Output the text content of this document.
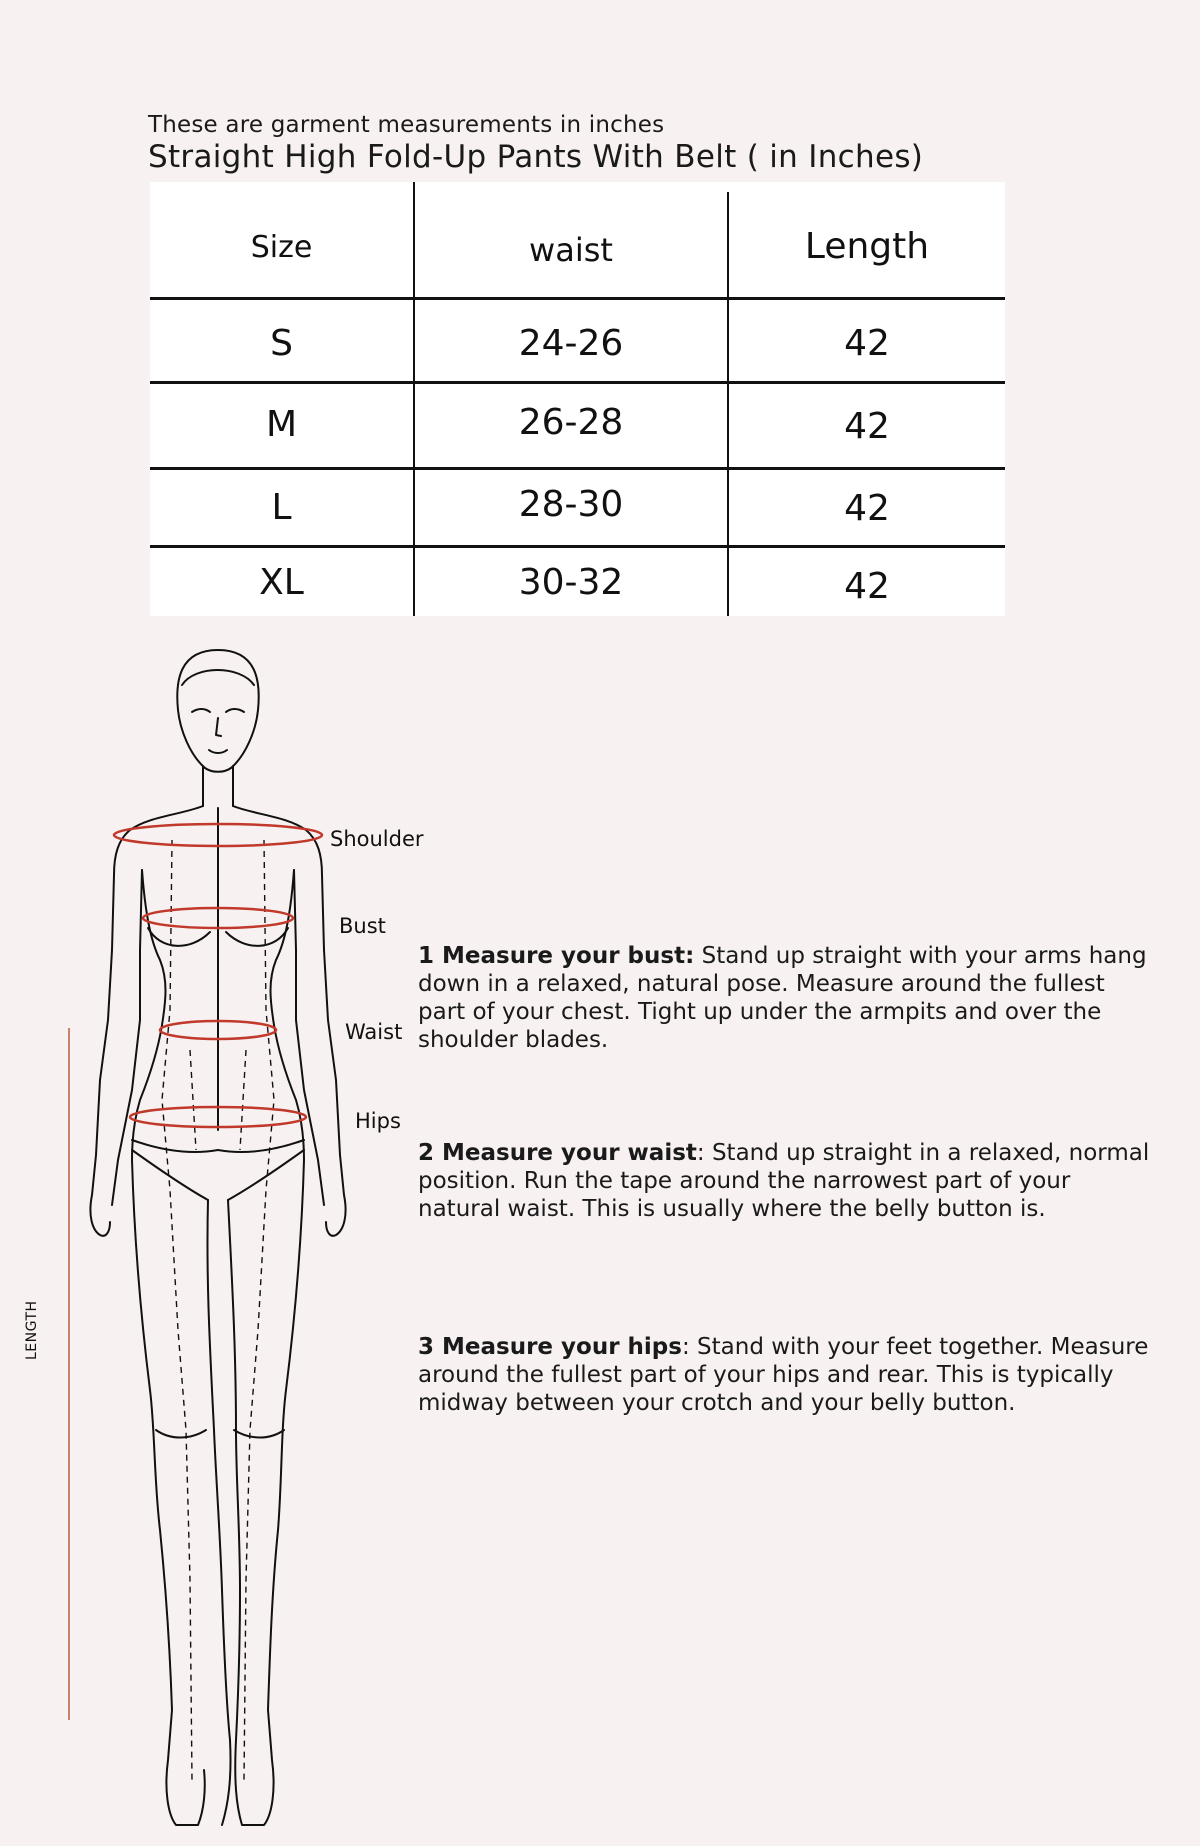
These are garment measurements in inches
Straight High Fold-Up Pants With Belt ( in Inches)
Size	waist	Length
S	24-26	42
M	26-28	42
L	28-30	42
XL	30-32	42
LENGTH
Shoulder
Bust
Waist
Hips
1 Measure your bust: Stand up straight with your arms hang down in a relaxed, natural pose. Measure around the fullest part of your chest. Tight up under the armpits and over the shoulder blades.
2 Measure your waist: Stand up straight in a relaxed, normal position. Run the tape around the narrowest part of your natural waist. This is usually where the belly button is.
3 Measure your hips: Stand with your feet together. Measure around the fullest part of your hips and rear. This is typically midway between your crotch and your belly button.
